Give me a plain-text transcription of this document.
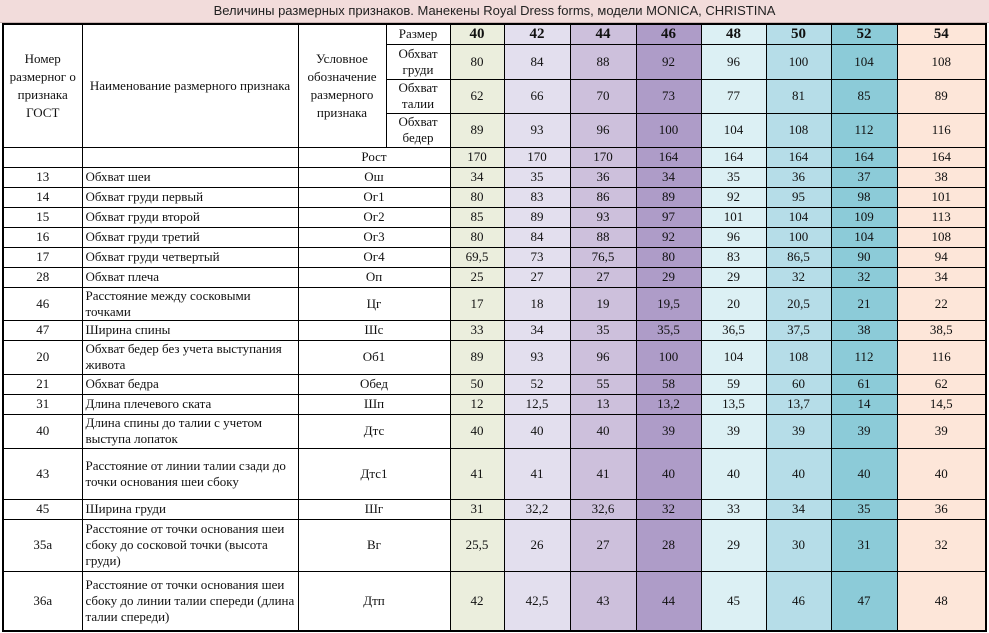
Величины размерных признаков. Манекены Royal Dress forms, модели MONICA, CHRISTINA
Номер размерног о признака ГОСТ	Наименование размерного признака	Условное обозначение размерного признака	Размер	40	42	44	46	48	50	52	54
			Обхват груди	80	84	88	92	96	100	104	108
			Обхват талии	62	66	70	73	77	81	85	89
			Обхват бедер	89	93	96	100	104	108	112	116
		Рост		170	170	170	164	164	164	164	164
13	Обхват шеи	Ош		34	35	36	34	35	36	37	38
14	Обхват груди первый	Ог1		80	83	86	89	92	95	98	101
15	Обхват груди второй	Ог2		85	89	93	97	101	104	109	113
16	Обхват груди третий	Ог3		80	84	88	92	96	100	104	108
17	Обхват груди четвертый	Ог4		69,5	73	76,5	80	83	86,5	90	94
28	Обхват плеча	Оп		25	27	27	29	29	32	32	34
46	Расстояние между сосковыми точками	Цг		17	18	19	19,5	20	20,5	21	22
47	Ширина спины	Шс		33	34	35	35,5	36,5	37,5	38	38,5
20	Обхват бедер без учета выступания живота	Об1		89	93	96	100	104	108	112	116
21	Обхват бедра	Обед		50	52	55	58	59	60	61	62
31	Длина плечевого ската	Шп		12	12,5	13	13,2	13,5	13,7	14	14,5
40	Длина спины до талии с учетом выступа лопаток	Дтс		40	40	40	39	39	39	39	39
43	Расстояние от линии талии сзади до точки основания шеи сбоку	Дтс1		41	41	41	40	40	40	40	40
45	Ширина груди	Шг		31	32,2	32,6	32	33	34	35	36
35а	Расстояние от точки основания шеи сбоку до сосковой точки (высота груди)	Вг		25,5	26	27	28	29	30	31	32
36а	Расстояние от точки основания шеи сбоку до линии талии спереди (длина талии спереди)	Дтп		42	42,5	43	44	45	46	47	48
